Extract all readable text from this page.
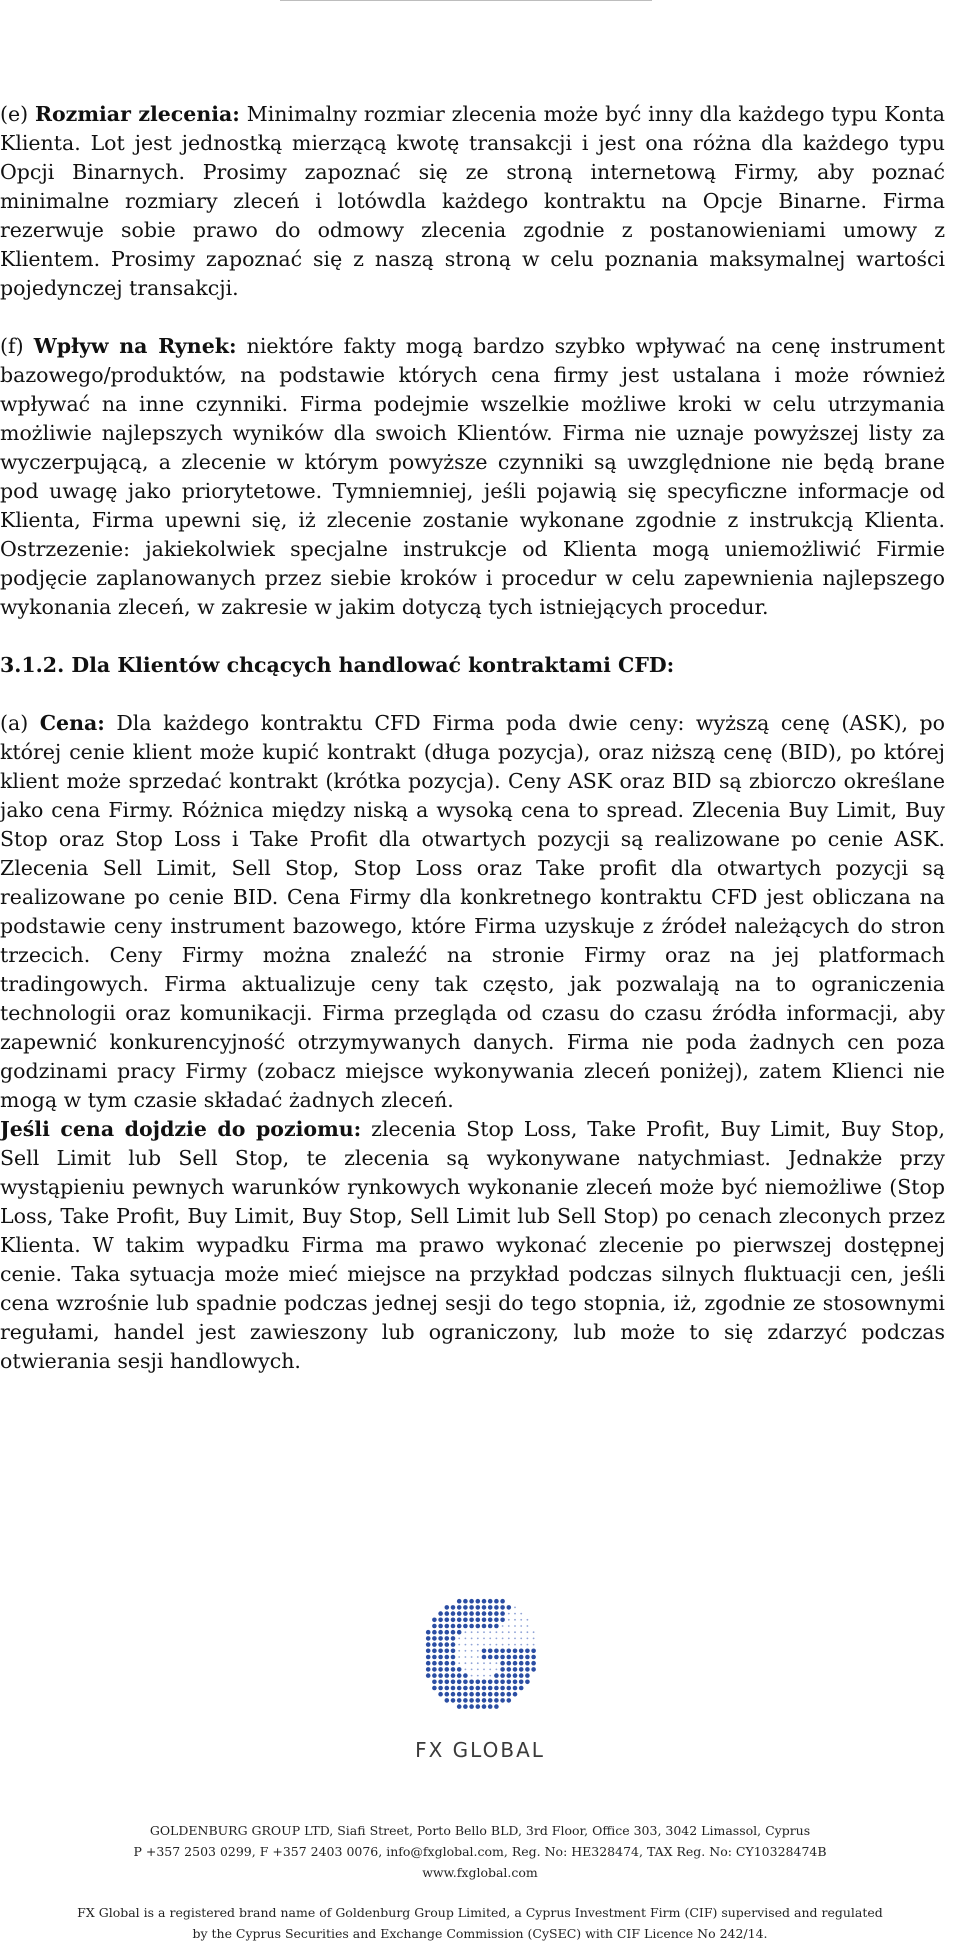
(e) Rozmiar zlecenia: Minimalny rozmiar zlecenia może być inny dla każdego typu Konta Klienta. Lot jest jednostką mierzącą kwotę transakcji i jest ona różna dla każdego typu Opcji Binarnych. Prosimy zapoznać się ze stroną internetową Firmy, aby poznać minimalne rozmiary zleceń i lotówdla każdego kontraktu na Opcje Binarne. Firma rezerwuje sobie prawo do odmowy zlecenia zgodnie z postanowieniami umowy z Klientem. Prosimy zapoznać się z naszą stroną w celu poznania maksymalnej wartości pojedynczej transakcji.

(f) Wpływ na Rynek: niektóre fakty mogą bardzo szybko wpływać na cenę instrument bazowego/produktów, na podstawie których cena firmy jest ustalana i może również wpływać na inne czynniki. Firma podejmie wszelkie możliwe kroki w celu utrzymania możliwie najlepszych wyników dla swoich Klientów. Firma nie uznaje powyższej listy za wyczerpującą, a zlecenie w którym powyższe czynniki są uwzględnione nie będą brane pod uwagę jako priorytetowe. Tymniemniej, jeśli pojawią się specyficzne informacje od Klienta, Firma upewni się, iż zlecenie zostanie wykonane zgodnie z instrukcją Klienta. Ostrzezenie: jakiekolwiek specjalne instrukcje od Klienta mogą uniemożliwić Firmie podjęcie zaplanowanych przez siebie kroków i procedur w celu zapewnienia najlepszego wykonania zleceń, w zakresie w jakim dotyczą tych istniejących procedur.

3.1.2. Dla Klientów chcących handlować kontraktami CFD:

(a) Cena: Dla każdego kontraktu CFD Firma poda dwie ceny: wyższą cenę (ASK), po której cenie klient może kupić kontrakt (długa pozycja), oraz niższą cenę (BID), po której klient może sprzedać kontrakt (krótka pozycja). Ceny ASK oraz BID są zbiorczo określane jako cena Firmy. Różnica między niską a wysoką cena to spread. Zlecenia Buy Limit, Buy Stop oraz Stop Loss i Take Profit dla otwartych pozycji są realizowane po cenie ASK. Zlecenia Sell Limit, Sell Stop, Stop Loss oraz Take profit dla otwartych pozycji są realizowane po cenie BID. Cena Firmy dla konkretnego kontraktu CFD jest obliczana na podstawie ceny instrument bazowego, które Firma uzyskuje z źródeł należących do stron trzecich. Ceny Firmy można znaleźć na stronie Firmy oraz na jej platformach tradingowych. Firma aktualizuje ceny tak często, jak pozwalają na to ograniczenia technologii oraz komunikacji. Firma przegląda od czasu do czasu źródła informacji, aby zapewnić konkurencyjność otrzymywanych danych. Firma nie poda żadnych cen poza godzinami pracy Firmy (zobacz miejsce wykonywania zleceń poniżej), zatem Klienci nie mogą w tym czasie składać żadnych zleceń.

Jeśli cena dojdzie do poziomu: zlecenia Stop Loss, Take Profit, Buy Limit, Buy Stop, Sell Limit lub Sell Stop, te zlecenia są wykonywane natychmiast. Jednakże przy wystąpieniu pewnych warunków rynkowych wykonanie zleceń może być niemożliwe (Stop Loss, Take Profit, Buy Limit, Buy Stop, Sell Limit lub Sell Stop) po cenach zleconych przez Klienta. W takim wypadku Firma ma prawo wykonać zlecenie po pierwszej dostępnej cenie. Taka sytuacja może mieć miejsce na przykład podczas silnych fluktuacji cen, jeśli cena wzrośnie lub spadnie podczas jednej sesji do tego stopnia, iż, zgodnie ze stosownymi regułami, handel jest zawieszony lub ograniczony, lub może to się zdarzyć podczas otwierania sesji handlowych.

FX GLOBAL
GOLDENBURG GROUP LTD, Siafi Street, Porto Bello BLD, 3rd Floor, Office 303, 3042 Limassol, Cyprus
P +357 2503 0299, F +357 2403 0076, info@fxglobal.com, Reg. No: HE328474, TAX Reg. No: CY10328474B
www.fxglobal.com
FX Global is a registered brand name of Goldenburg Group Limited, a Cyprus Investment Firm (CIF) supervised and regulated
by the Cyprus Securities and Exchange Commission (CySEC) with CIF Licence No 242/14.
